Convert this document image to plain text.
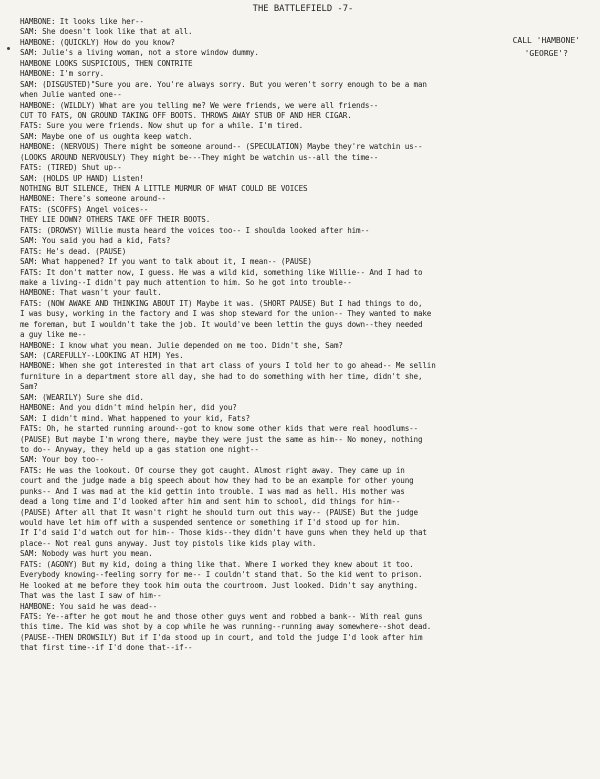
THE BATTLEFIELD -7-
HAMBONE: It looks like her--
SAM: She doesn't look like that at all.
HAMBONE: (QUICKLY) How do you know?
SAM: Julie's a living woman, not a store window dummy.
HAMBONE LOOKS SUSPICIOUS, THEN CONTRITE
HAMBONE: I'm sorry.
SAM: (DISGUSTED)"Sure you are. You're always sorry. But you weren't sorry enough to be a man
when Julie wanted one--
HAMBONE: (WILDLY) What are you telling me? We were friends, we were all friends--
CUT TO FATS, ON GROUND TAKING OFF BOOTS. THROWS AWAY STUB OF AND HER CIGAR.
FATS: Sure you were friends. Now shut up for a while. I'm tired.
SAM: Maybe one of us oughta keep watch.
HAMBONE: (NERVOUS) There might be someone around-- (SPECULATION) Maybe they're watchin us--
(LOOKS AROUND NERVOUSLY) They might be---They might be watchin us--all the time--
FATS: (TIRED) Shut up--
SAM: (HOLDS UP HAND) Listen!
NOTHING BUT SILENCE, THEN A LITTLE MURMUR OF WHAT COULD BE VOICES
HAMBONE: There's someone around--
FATS: (SCOFFS) Angel voices--
THEY LIE DOWN? OTHERS TAKE OFF THEIR BOOTS.
FATS: (DROWSY) Willie musta heard the voices too-- I shoulda looked after him--
SAM: You said you had a kid, Fats?
FATS: He's dead. (PAUSE)
SAM: What happened? If you want to talk about it, I mean-- (PAUSE)
FATS: It don't matter now, I guess. He was a wild kid, something like Willie-- And I had to
make a living--I didn't pay much attention to him. So he got into trouble--
HAMBONE: That wasn't your fault.
FATS: (NOW AWAKE AND THINKING ABOUT IT) Maybe it was. (SHORT PAUSE) But I had things to do,
I was busy, working in the factory and I was shop steward for the union-- They wanted to make
me foreman, but I wouldn't take the job. It would've been lettin the guys down--they needed
a guy like me--
HAMBONE: I know what you mean. Julie depended on me too. Didn't she, Sam?
SAM: (CAREFULLY--LOOKING AT HIM) Yes.
HAMBONE: When she got interested in that art class of yours I told her to go ahead-- Me sellin
furniture in a department store all day, she had to do something with her time, didn't she,
Sam?
SAM: (WEARILY) Sure she did.
HAMBONE: And you didn't mind helpin her, did you?
SAM: I didn't mind. What happened to your kid, Fats?
FATS: Oh, he started running around--got to know some other kids that were real hoodlums--
(PAUSE) But maybe I'm wrong there, maybe they were just the same as him-- No money, nothing
to do-- Anyway, they held up a gas station one night--
SAM: Your boy too--
FATS: He was the lookout. Of course they got caught. Almost right away. They came up in
court and the judge made a big speech about how they had to be an example for other young
punks-- And I was mad at the kid gettin into trouble. I was mad as hell. His mother was
dead a long time and I'd looked after him and sent him to school, did things for him--
(PAUSE) After all that It wasn't right he should turn out this way-- (PAUSE) But the judge
would have let him off with a suspended sentence or something if I'd stood up for him.
If I'd said I'd watch out for him-- Those kids--they didn't have guns when they held up that
place-- Not real guns anyway. Just toy pistols like kids play with.
SAM: Nobody was hurt you mean.
FATS: (AGONY) But my kid, doing a thing like that. Where I worked they knew about it too.
Everybody knowing--feeling sorry for me-- I couldn't stand that. So the kid went to prison.
He looked at me before they took him outa the courtroom. Just looked. Didn't say anything.
That was the last I saw of him--
HAMBONE: You said he was dead--
FATS: Ye--after he got mout he and those other guys went and robbed a bank-- With real guns
this time. The kid was shot by a cop while he was running--running away somewhere--shot dead.
(PAUSE--THEN DROWSILY) But if I'da stood up in court, and told the judge I'd look after him
that first time--if I'd done that--if--
CALL 'HAMBONE'
'GEORGE'?
